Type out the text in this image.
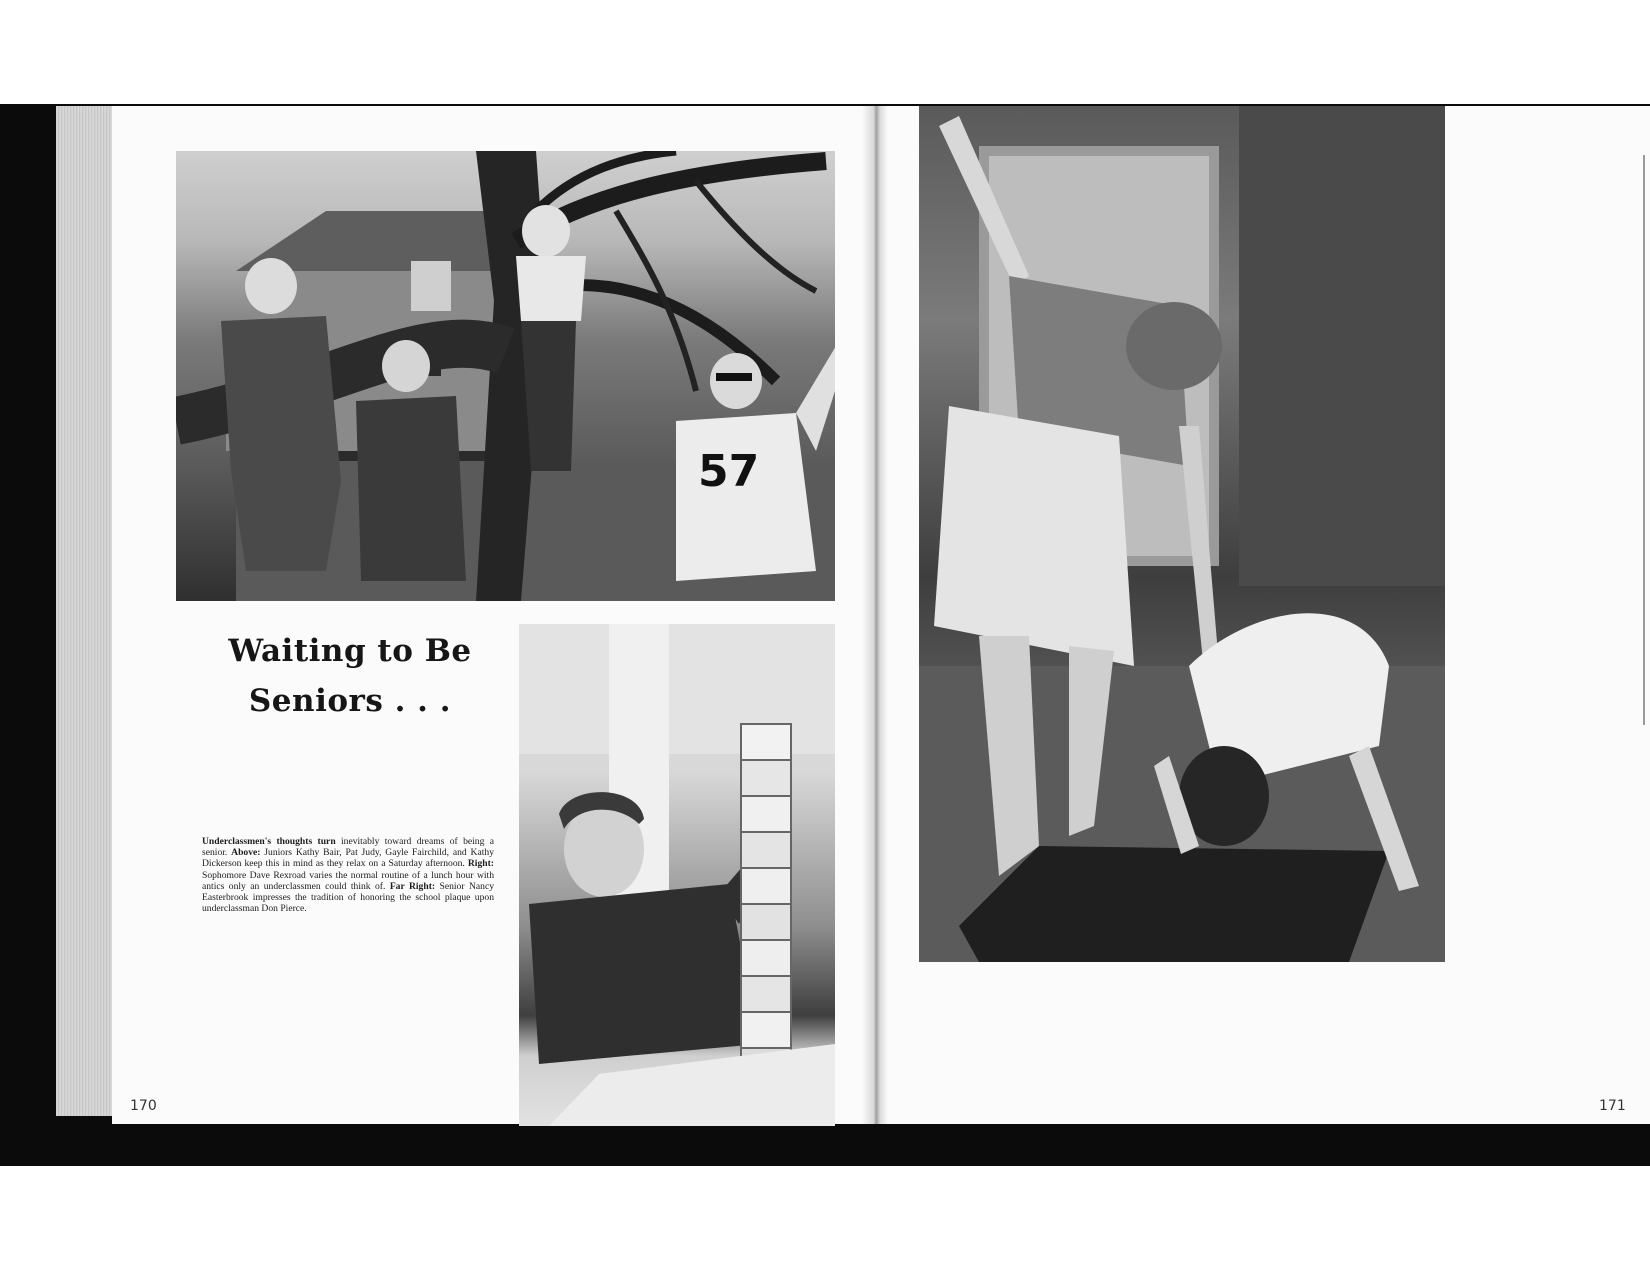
57
Waiting to Be
Seniors . . .
Underclassmen's thoughts turn inevitably toward dreams of being a senior. Above: Juniors Kathy Bair, Pat Judy, Gayle Fairchild, and Kathy Dickerson keep this in mind as they relax on a Saturday afternoon. Right: Sophomore Dave Rexroad varies the normal routine of a lunch hour with antics only an underclassmen could think of. Far Right: Senior Nancy Easterbrook impresses the tradition of honoring the school plaque upon underclassman Don Pierce.
170	171
